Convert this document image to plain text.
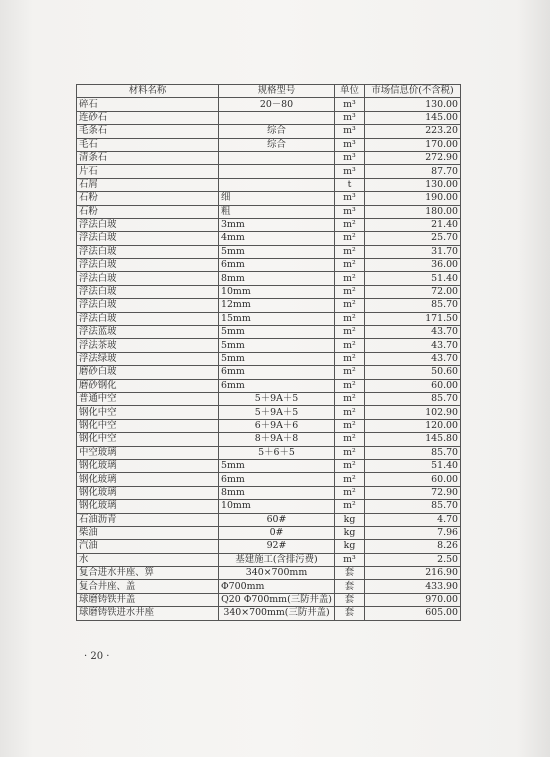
材料名称	规格型号	单位	市场信息价(不含税)
碎石	20－80	m³	130.00
连砂石		m³	145.00
毛条石	综合	m³	223.20
毛石	综合	m³	170.00
清条石		m³	272.90
片石		m³	87.70
石屑		t	130.00
石粉	细	m³	190.00
石粉	粗	m³	180.00
浮法白玻	3mm	m²	21.40
浮法白玻	4mm	m²	25.70
浮法白玻	5mm	m²	31.70
浮法白玻	6mm	m²	36.00
浮法白玻	8mm	m²	51.40
浮法白玻	10mm	m²	72.00
浮法白玻	12mm	m²	85.70
浮法白玻	15mm	m²	171.50
浮法蓝玻	5mm	m²	43.70
浮法茶玻	5mm	m²	43.70
浮法绿玻	5mm	m²	43.70
磨砂白玻	6mm	m²	50.60
磨砂钢化	6mm	m²	60.00
普通中空	5＋9A＋5	m²	85.70
钢化中空	5＋9A＋5	m²	102.90
钢化中空	6＋9A＋6	m²	120.00
钢化中空	8＋9A＋8	m²	145.80
中空玻璃	5＋6＋5	m²	85.70
钢化玻璃	5mm	m²	51.40
钢化玻璃	6mm	m²	60.00
钢化玻璃	8mm	m²	72.90
钢化玻璃	10mm	m²	85.70
石油沥青	60#	kg	4.70
柴油	0#	kg	7.96
汽油	92#	kg	8.26
水	基建施工(含排污费)	m³	2.50
复合进水井座、箅	340×700mm	套	216.90
复合井座、盖	Φ700mm	套	433.90
球磨铸铁井盖	Q20 Φ700mm(三防井盖)	套	970.00
球磨铸铁进水井座	340×700mm(三防井盖)	套	605.00
· 20 ·
